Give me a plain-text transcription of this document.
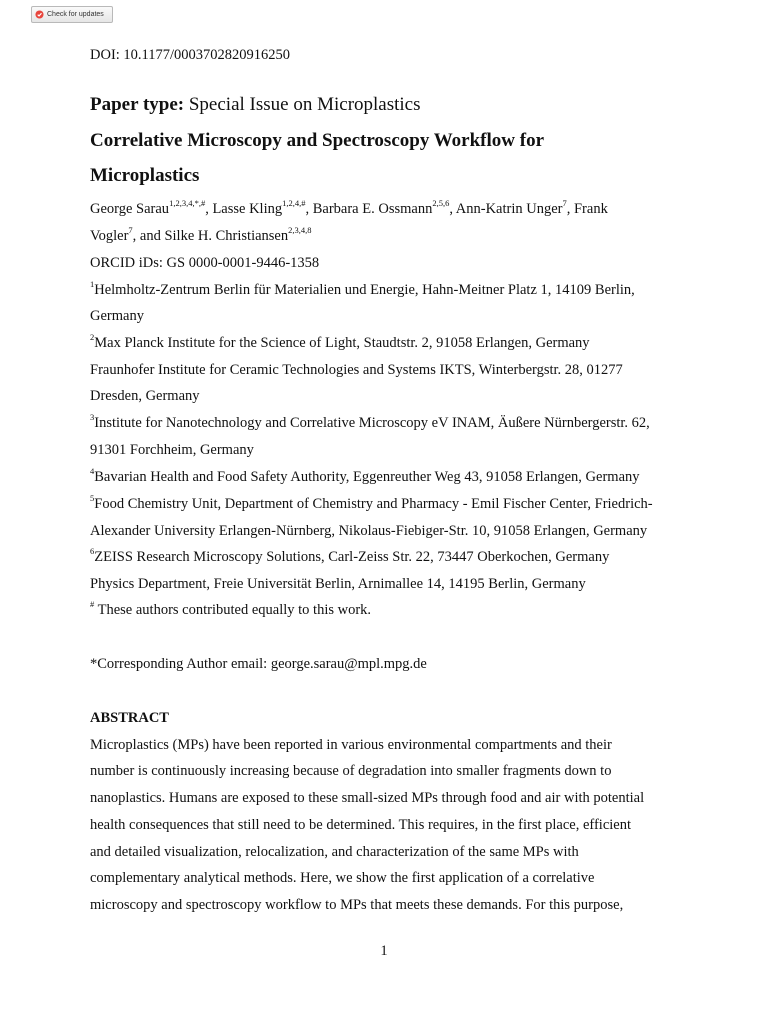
Check for updates
DOI: 10.1177/0003702820916250
Paper type: Special Issue on Microplastics
Correlative Microscopy and Spectroscopy Workflow for
Microplastics
George Sarau$^{1,2,3,4,*,\#}$, Lasse Kling$^{1,2,4,\#}$, Barbara E. Ossmann$^{2,5,6}$, Ann-Katrin Unger$^7$, Frank
Vogler$^7$, and Silke H. Christiansen$^{2,3,4,8}$
ORCID iDs: GS 0000-0001-9446-1358
$^1$Helmholtz-Zentrum Berlin für Materialien und Energie, Hahn-Meitner Platz 1, 14109 Berlin,
Germany
$^2$Max Planck Institute for the Science of Light, Staudtstr. 2, 91058 Erlangen, Germany
Fraunhofer Institute for Ceramic Technologies and Systems IKTS, Winterbergstr. 28, 01277
Dresden, Germany
$^3$Institute for Nanotechnology and Correlative Microscopy eV INAM, Äußere Nürnbergerstr. 62,
91301 Forchheim, Germany
$^4$Bavarian Health and Food Safety Authority, Eggenreuther Weg 43, 91058 Erlangen, Germany
$^5$Food Chemistry Unit, Department of Chemistry and Pharmacy - Emil Fischer Center, Friedrich-
Alexander University Erlangen-Nürnberg, Nikolaus-Fiebiger-Str. 10, 91058 Erlangen, Germany
$^6$ZEISS Research Microscopy Solutions, Carl-Zeiss Str. 22, 73447 Oberkochen, Germany
Physics Department, Freie Universität Berlin, Arnimallee 14, 14195 Berlin, Germany
# These authors contributed equally to this work.
*Corresponding Author email: george.sarau@mpl.mpg.de
ABSTRACT
Microplastics (MPs) have been reported in various environmental compartments and their
number is continuously increasing because of degradation into smaller fragments down to
nanoplastics. Humans are exposed to these small-sized MPs through food and air with potential
health consequences that still need to be determined. This requires, in the first place, efficient
and detailed visualization, relocalization, and characterization of the same MPs with
complementary analytical methods. Here, we show the first application of a correlative
microscopy and spectroscopy workflow to MPs that meets these demands. For this purpose,
1
